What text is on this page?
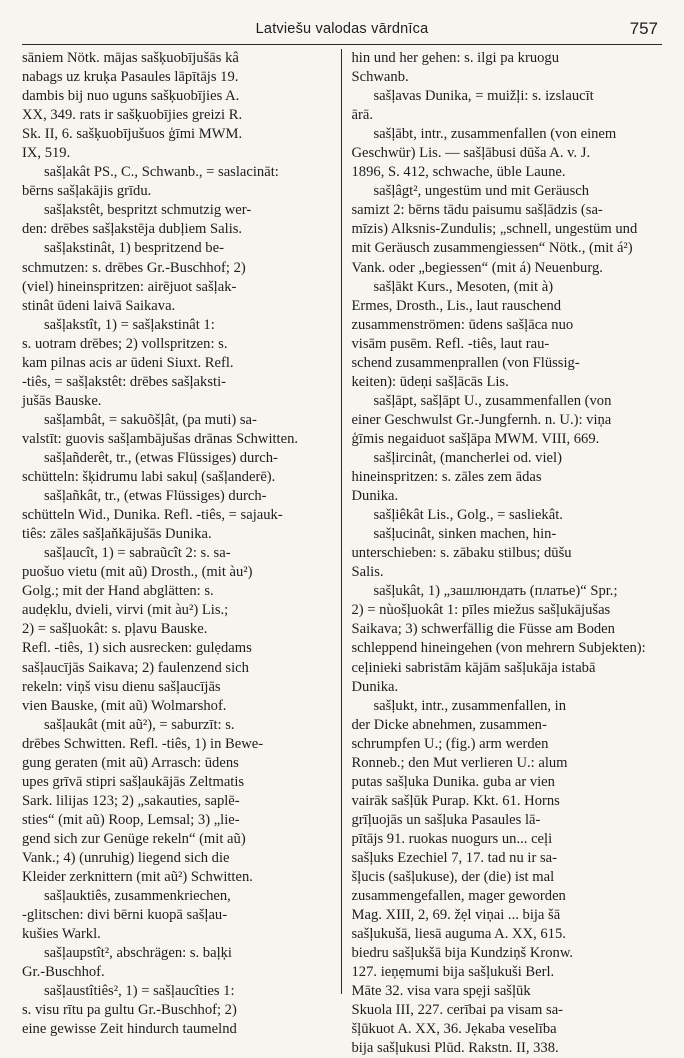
Latviešu valodas vārdnīca	757
sāniem Nötk. mājas sašķuobījušās kâ
nabags uz kruķa Pasaules lāpītājs 19.
dambis bij nuo uguns sašķuobījies A.
XX, 349. rats ir sašķuobījies greizi R.
Sk. II, 6. sašķuobījušuos ģīmi MWM.
IX, 519.
sašļakât PS., C., Schwanb., = saslacināt:
bērns sašļakājis grīdu.
sašļakstêt, bespritzt schmutzig wer-
den: drēbes sašļakstēja dubļiem Salis.
sašļakstinât, 1) bespritzend be-
schmutzen: s. drēbes Gr.-Buschhof; 2)
(viel) hineinspritzen: airējuot sašļak-
stinât ūdeni laivā Saikava.
sašļakstît, 1) = sašļakstinât 1:
s. uotram drēbes; 2) vollspritzen: s.
kam pilnas acis ar ūdeni Siuxt. Refl.
-tiês, = sašļakstêt: drēbes sašļaksti-
jušās Bauske.
sašļambât, = sakuõšļât, (pa muti) sa-
valstīt: guovis sašļambājušas drānas Schwitten.
sašļañderêt, tr., (etwas Flüssiges) durch-
schütteln: šķidrumu labi sakuļ (sašļanderē).
sašļañkât, tr., (etwas Flüssiges) durch-
schütteln Wid., Dunika. Refl. -tiês, = sajauk-
tiês: zāles sašļaňkājušās Dunika.
sašļaucît, 1) = sabraũcît 2: s. sa-
puošuo vietu (mit aũ) Drosth., (mit àu²)
Golg.; mit der Hand abglätten: s.
audẹklu, dvieli, virvi (mit àu²) Lis.;
2) = sašļuokât: s. pļavu Bauske.
Refl. -tiês, 1) sich ausrecken: gulẹdams
sašļaucījās Saikava; 2) faulenzend sich
rekeln: viņš visu dienu sašļaucījās
vien Bauske, (mit aũ) Wolmarshof.
sašļaukât (mit aũ²), = saburzīt: s.
drēbes Schwitten. Refl. -tiês, 1) in Bewe-
gung geraten (mit aũ) Arrasch: ūdens
upes grīvā stipri sašļaukājās Zeltmatis
Sark. lilijas 123; 2) „sakauties, saplē-
sties“ (mit aũ) Roop, Lemsal; 3) „lie-
gend sich zur Genüge rekeln“ (mit aũ)
Vank.; 4) (unruhig) liegend sich die
Kleider zerknittern (mit aũ²) Schwitten.
sašļauktiês, zusammenkriechen,
-glitschen: divi bērni kuopā sašļau-
kušies Warkl.
sašļaupstît², abschrägen: s. baļķi
Gr.-Buschhof.
sašļaustîtiês², 1) = sašļaucîties 1:
s. visu rītu pa gultu Gr.-Buschhof; 2)
eine gewisse Zeit hindurch taumelnd
hin und her gehen: s. ilgi pa kruogu
Schwanb.
sašļavas Dunika, = muižļi: s. izslaucīt
ārā.
sašļābt, intr., zusammenfallen (von einem
Geschwür) Lis. — sašļābusi dūša A. v. J.
1896, S. 412, schwache, üble Laune.
sašļâgt², ungestüm und mit Geräusch
samizt 2: bērns tādu paisumu sašļādzis (sa-
mīzis) Alksnis-Zundulis; „schnell, ungestüm und
mit Geräusch zusammengiessen“ Nötk., (mit á²)
Vank. oder „begiessen“ (mit á) Neuenburg.
sašļākt Kurs., Mesoten, (mit à)
Ermes, Drosth., Lis., laut rauschend
zusammenströmen: ūdens sašļāca nuo
visām pusēm. Refl. -tiês, laut rau-
schend zusammenprallen (von Flüssig-
keiten): ūdeņi sašļācās Lis.
sašļāpt, sašļāpt U., zusammenfallen (von
einer Geschwulst Gr.-Jungfernh. n. U.): viņa
ģīmis negaiduot sašļāpa MWM. VIII, 669.
sašļircinât, (mancherlei od. viel)
hineinspritzen: s. zāles zem ādas
Dunika.
sašļiêkât Lis., Golg., = sasliekât.
sašļucinât, sinken machen, hin-
unterschieben: s. zābaku stilbus; dūšu
Salis.
sašļukât, 1) „зашлюндать (платье)“ Spr.;
2) = nùošļuokât 1: pīles miežus sašļukājušas
Saikava; 3) schwerfällig die Füsse am Boden
schleppend hineingehen (von mehrern Subjekten):
ceļinieki sabristām kājām sašļukāja istabā
Dunika.
sašļukt, intr., zusammenfallen, in
der Dicke abnehmen, zusammen-
schrumpfen U.; (fig.) arm werden
Ronneb.; den Mut verlieren U.: alum
putas sašļuka Dunika. guba ar vien
vairāk sašļūk Purap. Kkt. 61. Horns
grīļuojās un sašļuka Pasaules lā-
pītājs 91. ruokas nuogurs un... ceļi
sašļuks Ezechiel 7, 17. tad nu ir sa-
šļucis (sašļukuse), der (die) ist mal
zusammengefallen, mager geworden
Mag. XIII, 2, 69. žẹl viņai ... bija šā
sašļukušā, liesā auguma A. XX, 615.
biedru sašļukšā bija Kundziņš Kronw.
127. ieņẹmumi bija sašļukuši Berl.
Māte 32. visa vara spẹji sašļūk
Skuola III, 227. cerībai pa visam sa-
šļūkuot A. XX, 36. Jẹkaba veselība
bija sašļukusi Plūd. Rakstn. II, 338.
